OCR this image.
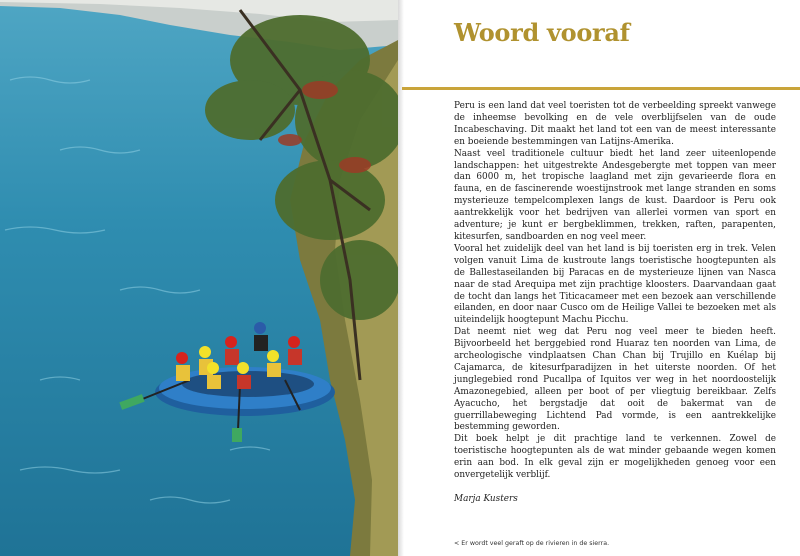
Woord vooraf

Peru is een land dat veel toeristen tot de verbeelding spreekt vanwege de inheemse bevolking en de vele overblijfselen van de oude Incabeschaving. Dit maakt het land tot een van de meest interessante en boeiende bestemmingen van Latijns-Amerika.

Naast veel traditionele cultuur biedt het land zeer uiteenlopende landschappen: het uitgestrekte Andesgebergte met toppen van meer dan 6000 m, het tropische laagland met zijn gevarieerde flora en fauna, en de fascinerende woestijnstrook met lange stranden en soms mysterieuze tempelcomplexen langs de kust. Daardoor is Peru ook aantrekkelijk voor het bedrijven van allerlei vormen van sport en adventure; je kunt er bergbeklimmen, trekken, raften, parapenten, kitesurfen, sandboarden en nog veel meer.

Vooral het zuidelijk deel van het land is bij toeristen erg in trek. Velen volgen vanuit Lima de kustroute langs toeristische hoogtepunten als de Ballestaseilanden bij Paracas en de mysterieuze lijnen van Nasca naar de stad Arequipa met zijn prachtige kloosters. Daarvandaan gaat de tocht dan langs het Titicacameer met een bezoek aan verschillende eilanden, en door naar Cusco om de Heilige Vallei te bezoeken met als uiteindelijk hoogtepunt Machu Picchu.

Dat neemt niet weg dat Peru nog veel meer te bieden heeft. Bijvoorbeeld het berggebied rond Huaraz ten noorden van Lima, de archeologische vindplaatsen Chan Chan bij Trujillo en Kuélap bij Cajamarca, de kitesurfparadijzen in het uiterste noorden. Of het junglegebied rond Pucallpa of Iquitos ver weg in het noordoostelijk Amazonegebied, alleen per boot of per vliegtuig bereikbaar. Zelfs Ayacucho, het bergstadje dat ooit de bakermat van de guerrillabeweging Lichtend Pad vormde, is een aantrekkelijke bestemming geworden.

Dit boek helpt je dit prachtige land te verkennen. Zowel de toeristische hoogtepunten als de wat minder gebaande wegen komen erin aan bod. In elk geval zijn er mogelijkheden genoeg voor een onvergetelijk verblijf.

Marja Kusters

< Er wordt veel geraft op de rivieren in de sierra.
